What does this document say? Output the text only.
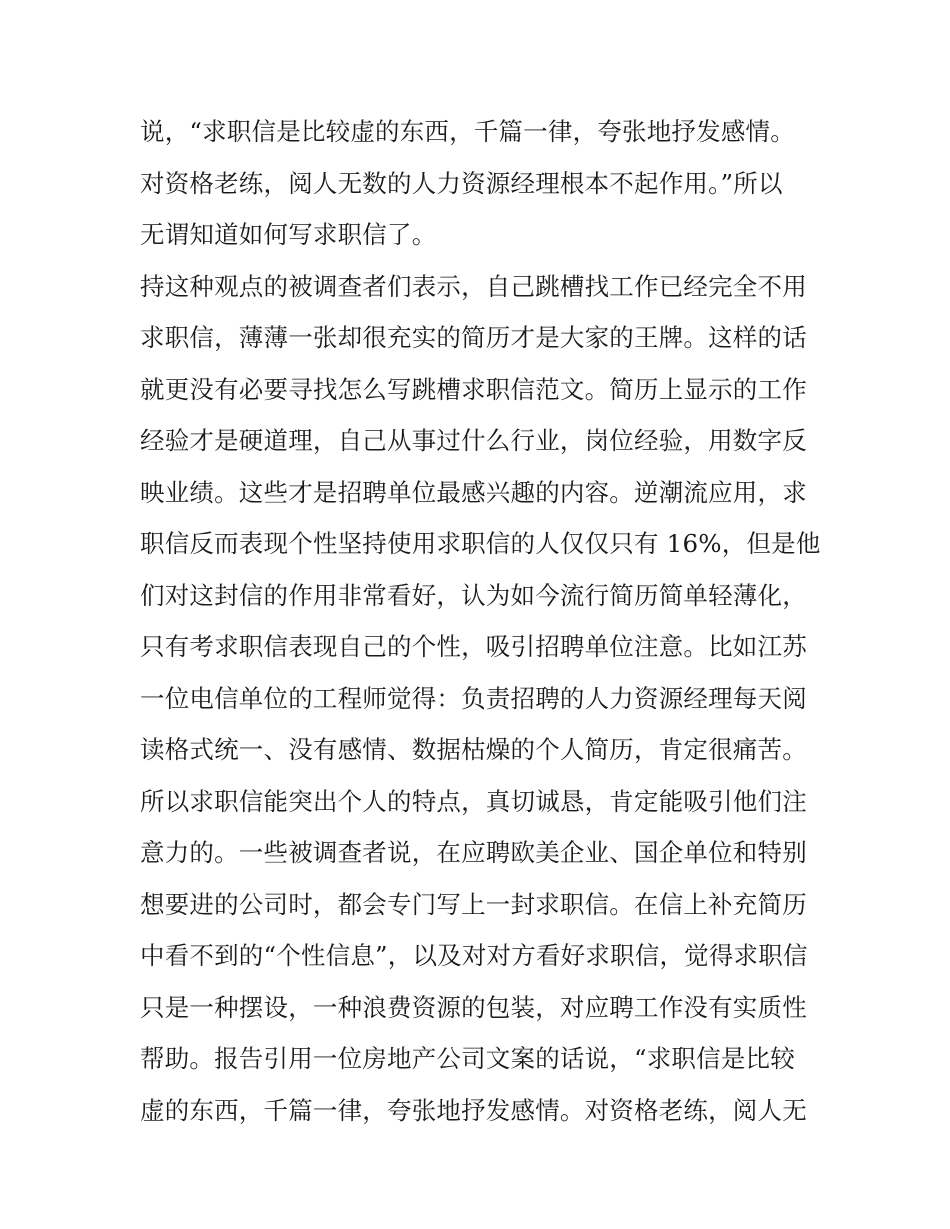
说，“求职信是比较虚的东西，千篇一律，夸张地抒发感情。
对资格老练，阅人无数的人力资源经理根本不起作用。”所以
无谓知道如何写求职信了。
持这种观点的被调查者们表示，自己跳槽找工作已经完全不用
求职信，薄薄一张却很充实的简历才是大家的王牌。这样的话
就更没有必要寻找怎么写跳槽求职信范文。简历上显示的工作
经验才是硬道理，自己从事过什么行业，岗位经验，用数字反
映业绩。这些才是招聘单位最感兴趣的内容。逆潮流应用，求
职信反而表现个性坚持使用求职信的人仅仅只有 16%，但是他
们对这封信的作用非常看好，认为如今流行简历简单轻薄化，
只有考求职信表现自己的个性，吸引招聘单位注意。比如江苏
一位电信单位的工程师觉得：负责招聘的人力资源经理每天阅
读格式统一、没有感情、数据枯燥的个人简历，肯定很痛苦。
所以求职信能突出个人的特点，真切诚恳，肯定能吸引他们注
意力的。一些被调查者说，在应聘欧美企业、国企单位和特别
想要进的公司时，都会专门写上一封求职信。在信上补充简历
中看不到的“个性信息”，以及对对方看好求职信，觉得求职信
只是一种摆设，一种浪费资源的包装，对应聘工作没有实质性
帮助。报告引用一位房地产公司文案的话说，“求职信是比较
虚的东西，千篇一律，夸张地抒发感情。对资格老练，阅人无
